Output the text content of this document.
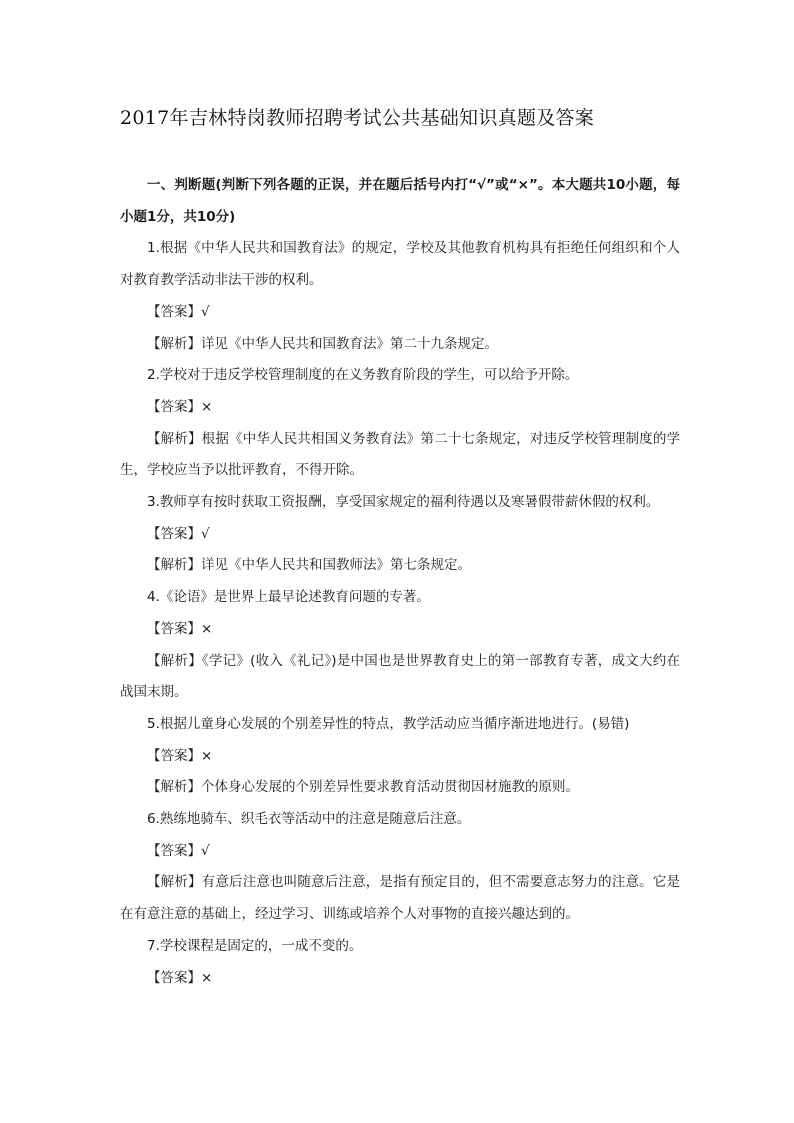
2017年吉林特岗教师招聘考试公共基础知识真题及答案

一、判断题(判断下列各题的正误，并在题后括号内打“√”或“×”。本大题共10小题，每小题1分，共10分)

1.根据《中华人民共和国教育法》的规定，学校及其他教育机构具有拒绝任何组织和个人对教育教学活动非法干涉的权利。

【答案】√

【解析】详见《中华人民共和国教育法》第二十九条规定。

2.学校对于违反学校管理制度的在义务教育阶段的学生，可以给予开除。

【答案】×

【解析】根据《中华人民共相国义务教育法》第二十七条规定，对违反学校管理制度的学生，学校应当予以批评教育，不得开除。

3.教师享有按时获取工资报酬，享受国家规定的福利待遇以及寒暑假带薪休假的权利。

【答案】√

【解析】详见《中华人民共和国教师法》第七条规定。

4.《论语》是世界上最早论述教育问题的专著。

【答案】×

【解析】《学记》(收入《礼记》)是中国也是世界教育史上的第一部教育专著，成文大约在战国末期。

5.根据儿童身心发展的个别差异性的特点，教学活动应当循序渐进地进行。(易错)

【答案】×

【解析】个体身心发展的个别差异性要求教育活动贯彻因材施教的原则。

6.熟练地骑车、织毛衣等活动中的注意是随意后注意。

【答案】√

【解析】有意后注意也叫随意后注意，是指有预定目的，但不需要意志努力的注意。它是在有意注意的基础上，经过学习、训练或培养个人对事物的直接兴趣达到的。

7.学校课程是固定的，一成不变的。

【答案】×
